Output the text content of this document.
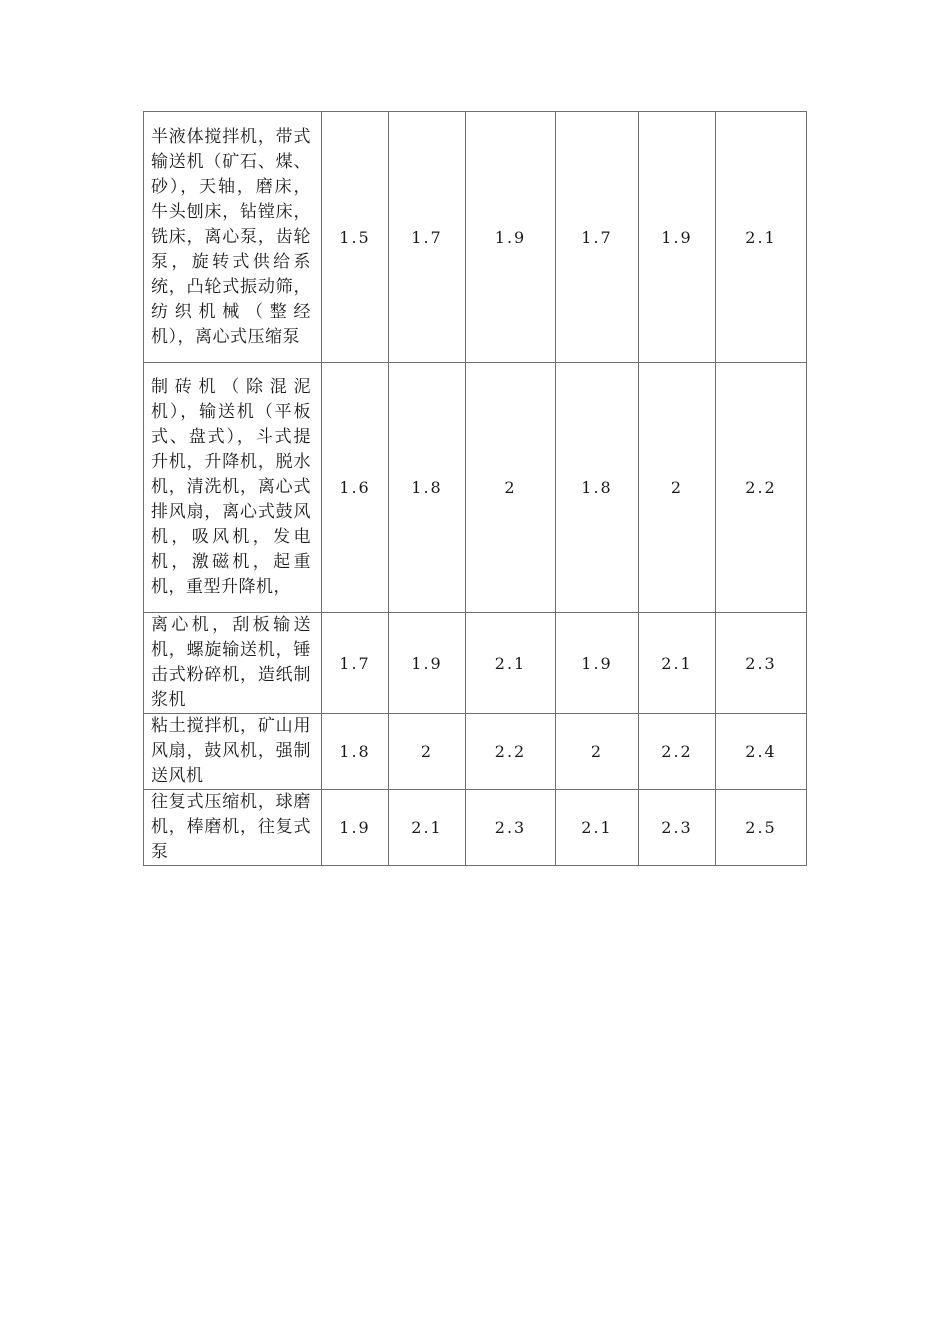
半液体搅拌机，带式输送机（矿石、煤、砂），天轴，磨床，牛头刨床，钻镗床，铣床，离心泵，齿轮泵，旋转式供给系统，凸轮式振动筛，纺织机械（整经机），离心式压缩泵	1.5	1.7	1.9	1.7	1.9	2.1
制砖机（除混泥机），输送机（平板式、盘式），斗式提升机，升降机，脱水机，清洗机，离心式排风扇，离心式鼓风机，吸风机，发电机，激磁机，起重机，重型升降机，	1.6	1.8	2	1.8	2	2.2
离心机，刮板输送机，螺旋输送机，锤击式粉碎机，造纸制浆机	1.7	1.9	2.1	1.9	2.1	2.3
粘土搅拌机，矿山用风扇，鼓风机，强制送风机	1.8	2	2.2	2	2.2	2.4
往复式压缩机，球磨机，棒磨机，往复式泵	1.9	2.1	2.3	2.1	2.3	2.5
